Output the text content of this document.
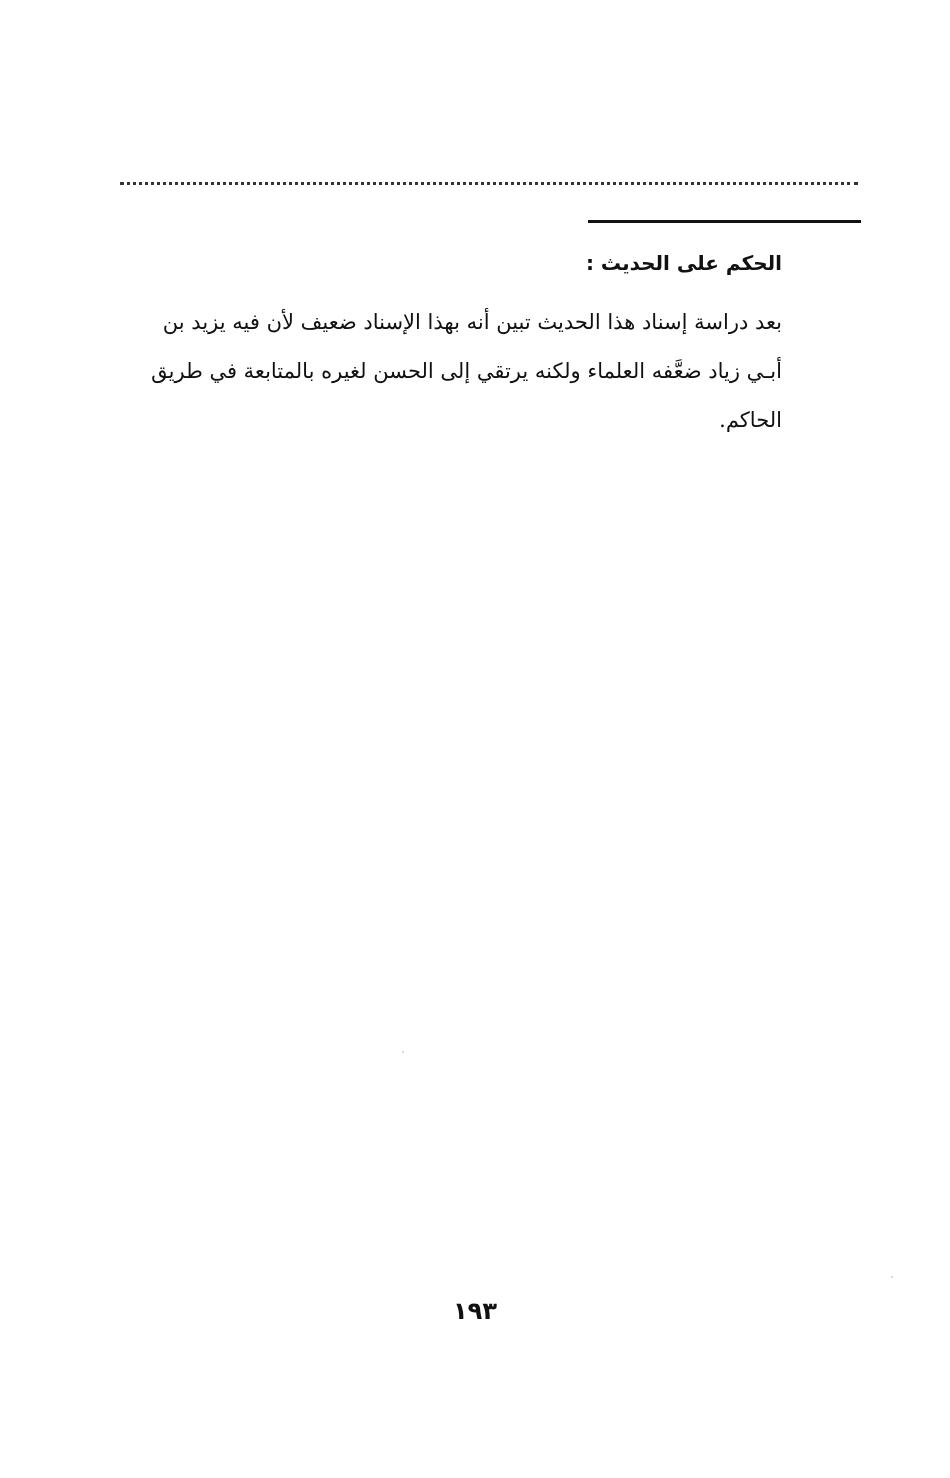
الحكم على الحديث :

بعد دراسة إسناد هذا الحديث تبين أنه بهذا الإسناد ضعيف لأن فيه يزيد بن
أبـي زياد ضعَّفه العلماء ولكنه يرتقي إلى الحسن لغيره بالمتابعة في طريق
الحاكم.

١٩٣
